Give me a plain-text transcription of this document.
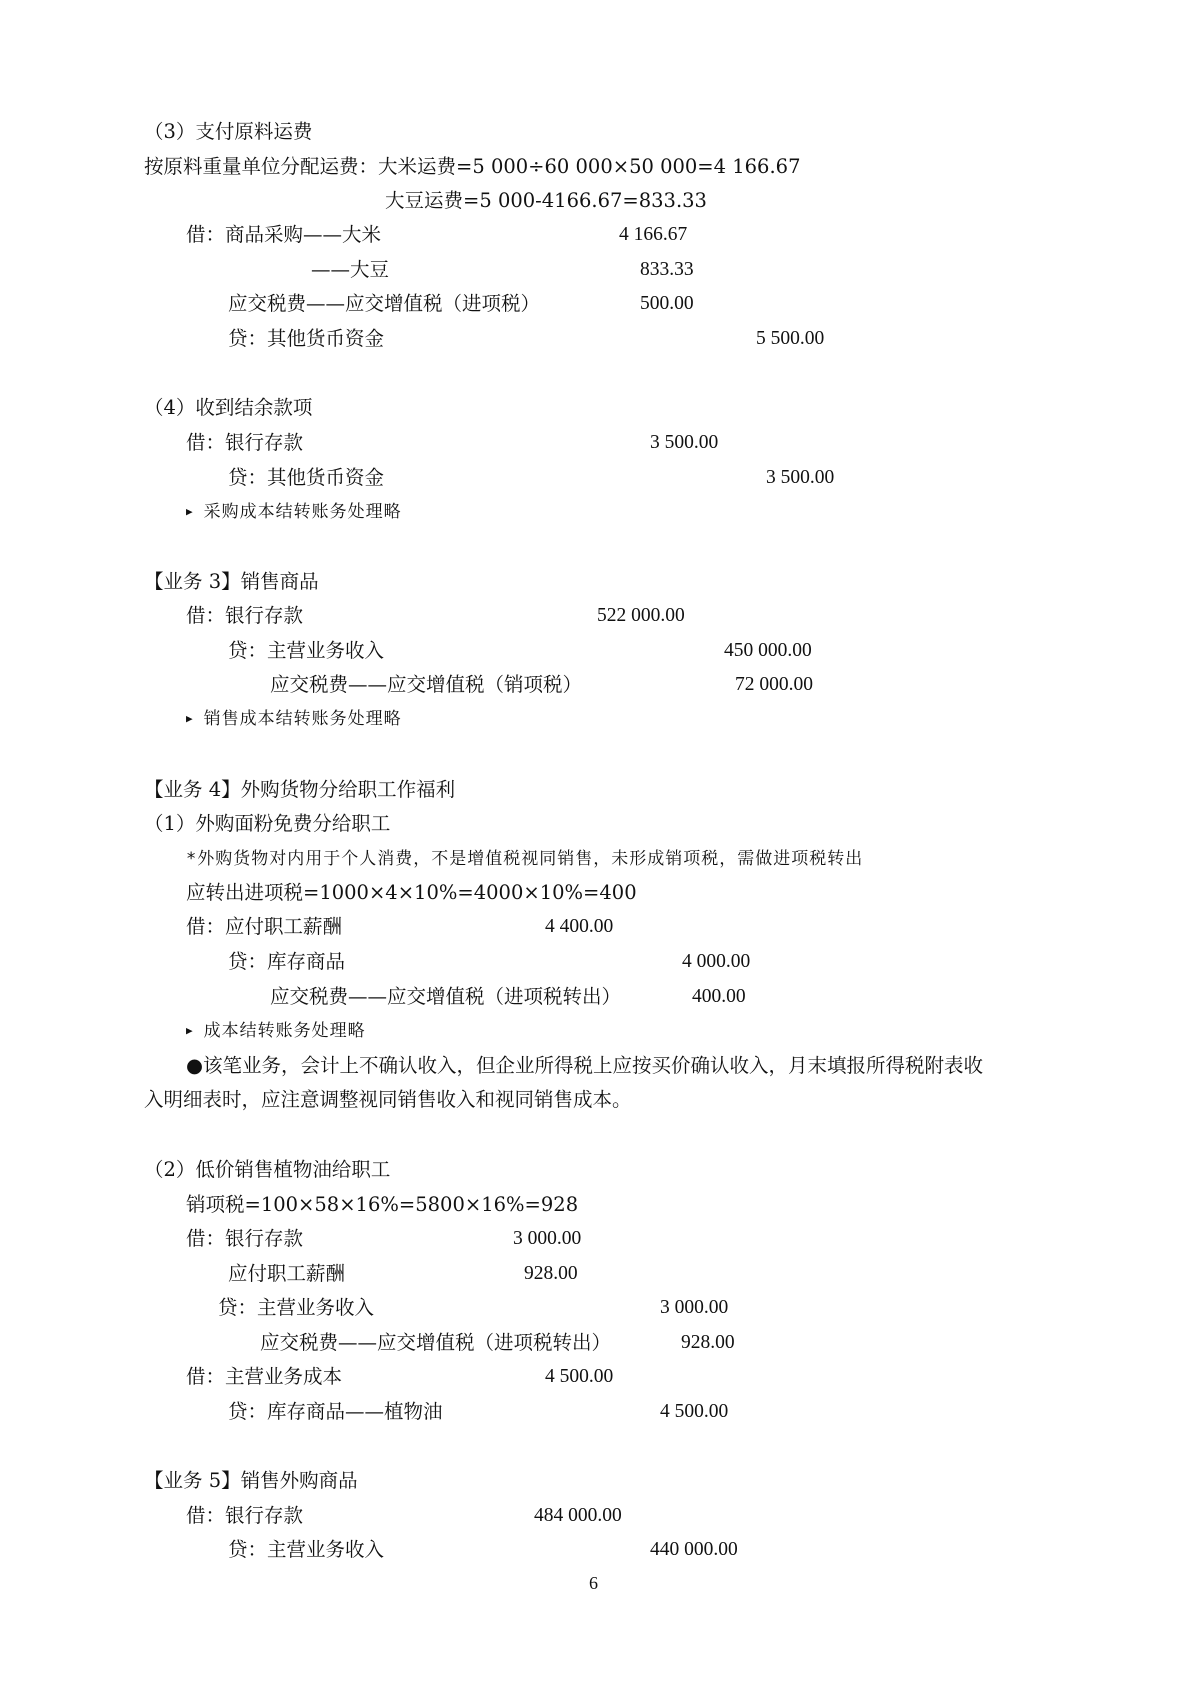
（3）支付原料运费
按原料重量单位分配运费：大米运费=5 000÷60 000×50 000=4 166.67
大豆运费=5 000-4166.67=833.33
借：商品采购——大米	4 166.67
——大豆	833.33
应交税费——应交增值税（进项税）	500.00
贷：其他货币资金	5 500.00
（4）收到结余款项
借：银行存款	3 500.00
贷：其他货币资金	3 500.00
▶ 采购成本结转账务处理略
【业务 3】销售商品
借：银行存款	522 000.00
贷：主营业务收入	450 000.00
应交税费——应交增值税（销项税）	72 000.00
▶ 销售成本结转账务处理略
【业务 4】外购货物分给职工作福利
（1）外购面粉免费分给职工
*外购货物对内用于个人消费，不是增值税视同销售，未形成销项税，需做进项税转出
应转出进项税=1000×4×10%=4000×10%=400
借：应付职工薪酬	4 400.00
贷：库存商品	4 000.00
应交税费——应交增值税（进项税转出）	400.00
▶ 成本结转账务处理略
●该笔业务，会计上不确认收入，但企业所得税上应按买价确认收入，月末填报所得税附表收
入明细表时，应注意调整视同销售收入和视同销售成本。
（2）低价销售植物油给职工
销项税=100×58×16%=5800×16%=928
借：银行存款	3 000.00
应付职工薪酬	928.00
贷：主营业务收入	3 000.00
应交税费——应交增值税（进项税转出）	928.00
借：主营业务成本	4 500.00
贷：库存商品——植物油	4 500.00
【业务 5】销售外购商品
借：银行存款	484 000.00
贷：主营业务收入	440 000.00
6
